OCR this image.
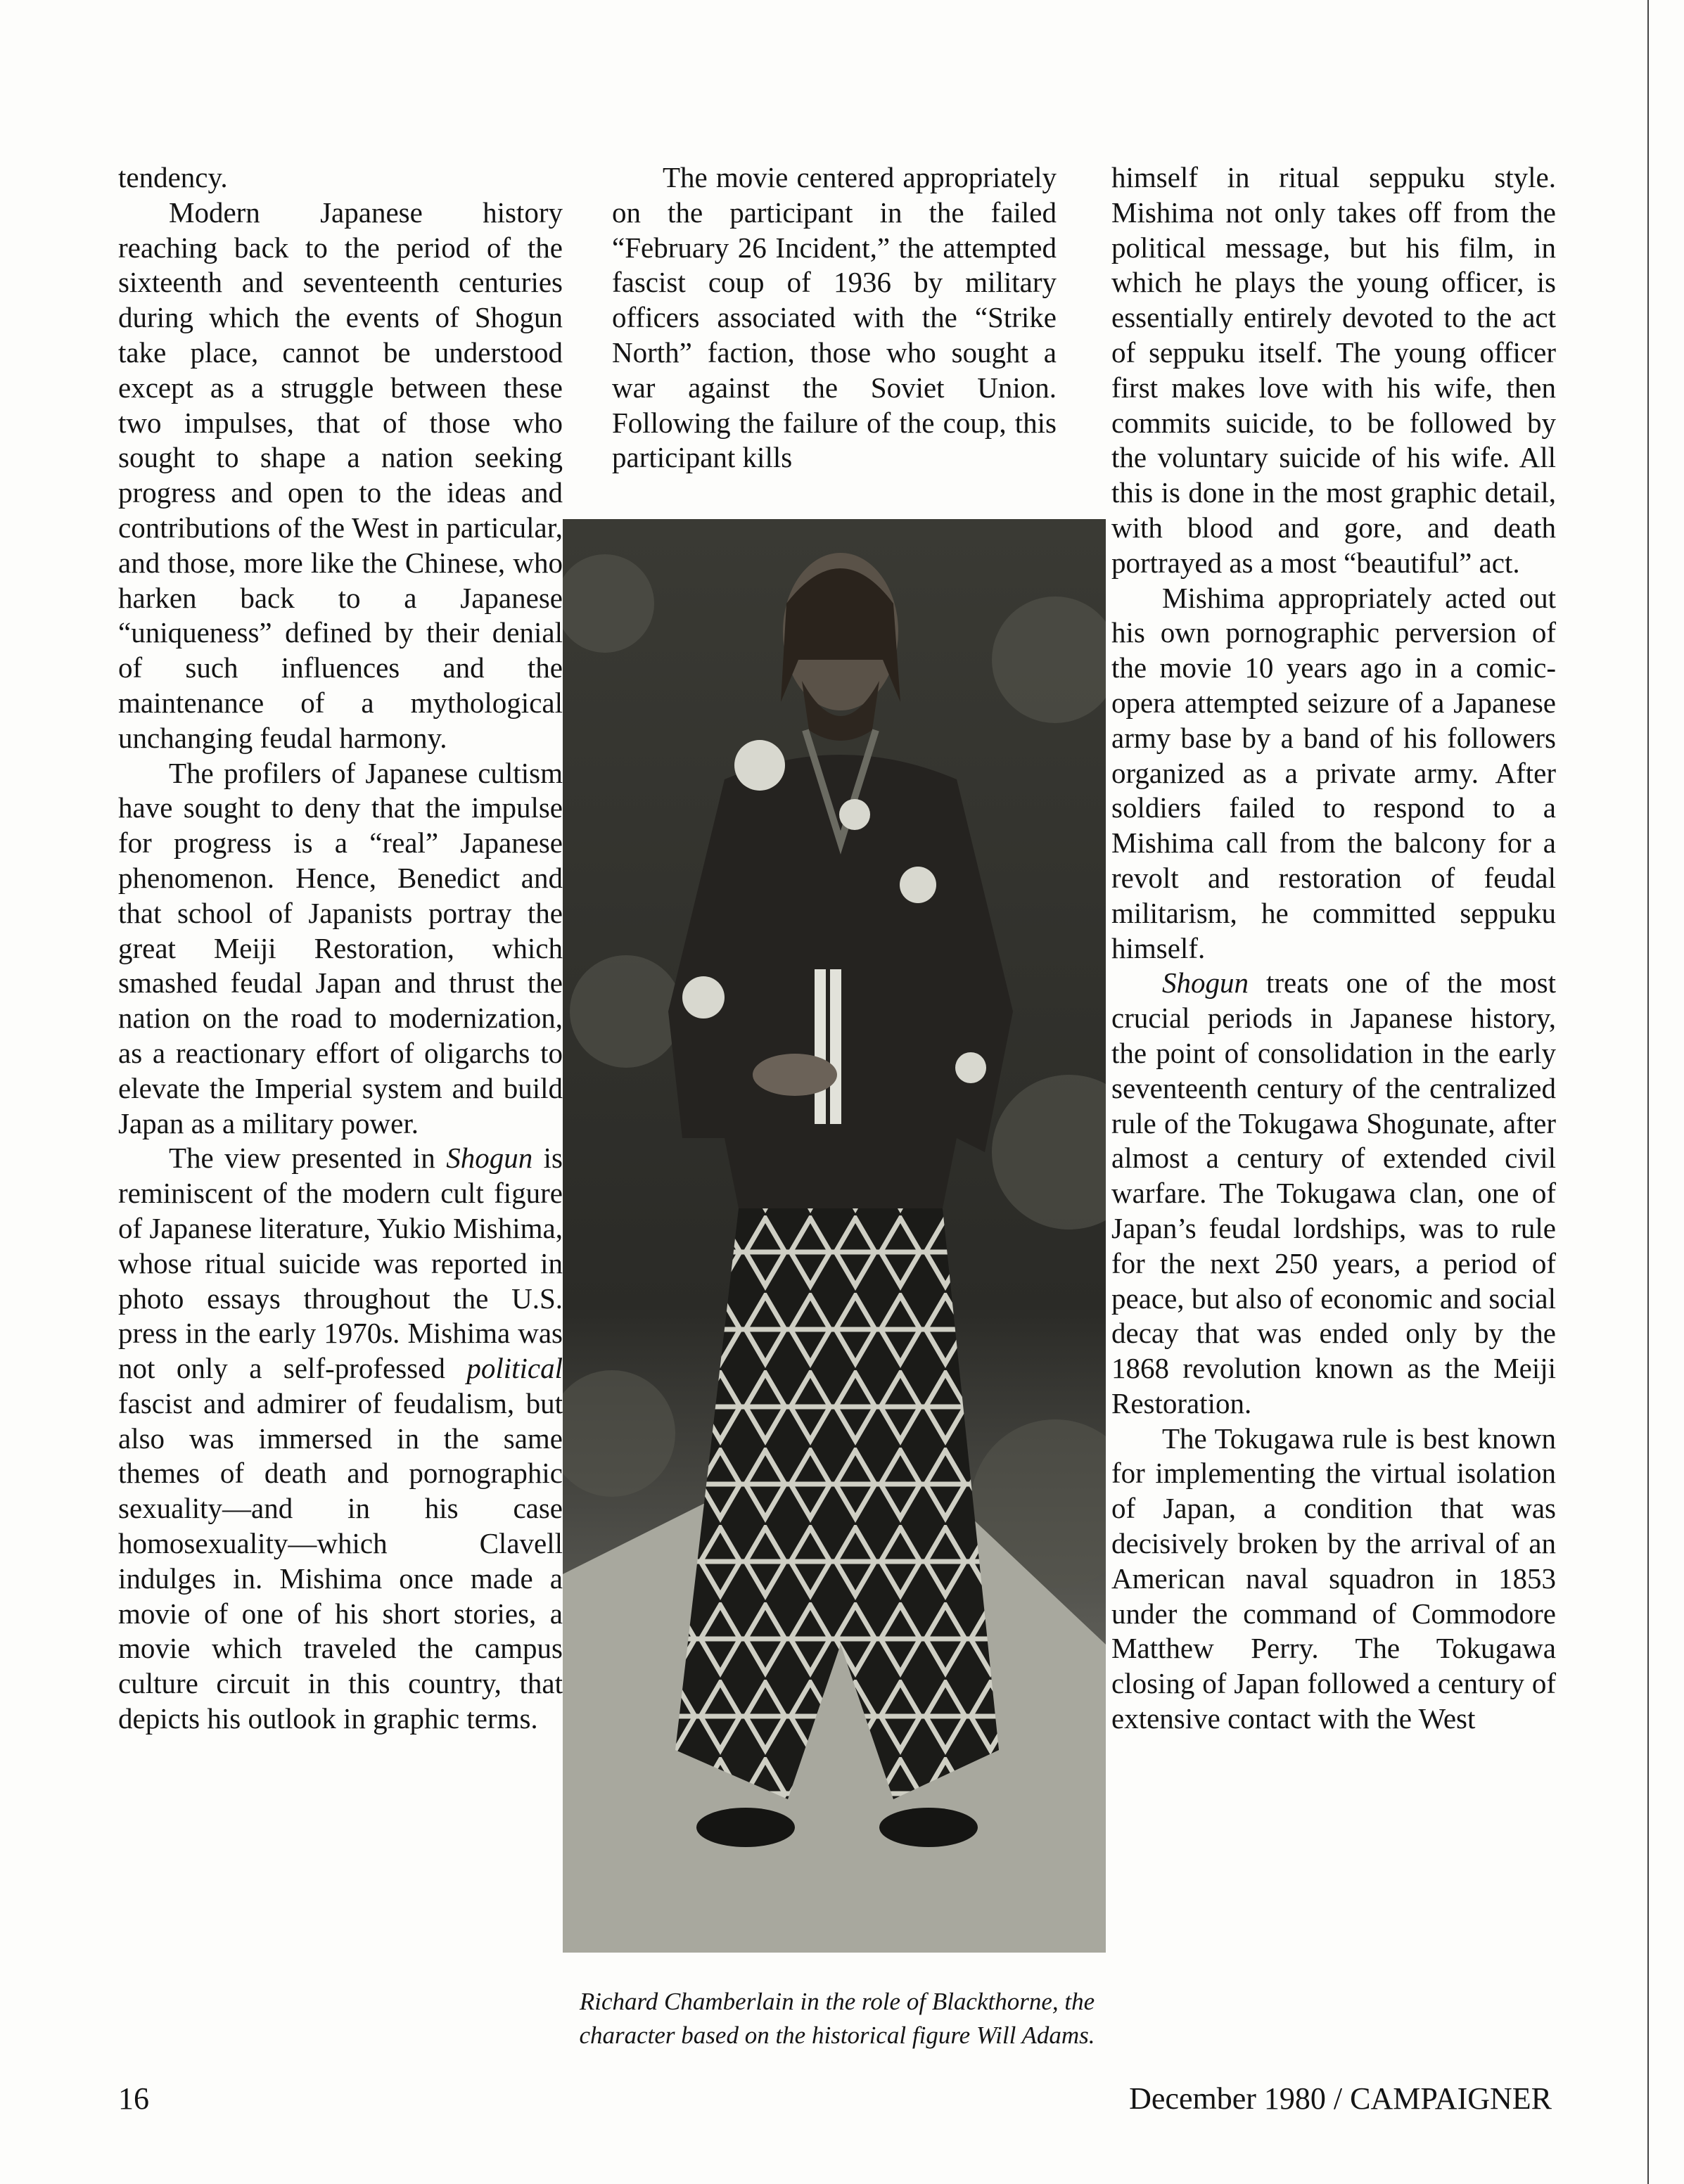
tendency.

Modern Japanese history reaching back to the period of the sixteenth and seventeenth centuries during which the events of Shogun take place, cannot be understood except as a struggle between these two impulses, that of those who sought to shape a nation seeking progress and open to the ideas and contributions of the West in particular, and those, more like the Chinese, who harken back to a Japanese “uniqueness” defined by their denial of such influences and the maintenance of a mythological unchanging feudal harmony.

The profilers of Japanese cultism have sought to deny that the impulse for progress is a “real” Japanese phenomenon. Hence, Benedict and that school of Japanists portray the great Meiji Restoration, which smashed feudal Japan and thrust the nation on the road to modernization, as a reactionary effort of oligarchs to elevate the Imperial system and build Japan as a military power.

The view presented in Shogun is reminiscent of the modern cult figure of Japanese literature, Yukio Mishima, whose ritual suicide was reported in photo essays throughout the U.S. press in the early 1970s. Mishima was not only a self-professed political fascist and admirer of feudalism, but also was immersed in the same themes of death and pornographic sexuality—and in his case homosexuality—which Clavell indulges in. Mishima once made a movie of one of his short stories, a movie which traveled the campus culture circuit in this country, that depicts his outlook in graphic terms.

The movie centered appropriately on the participant in the failed “February 26 Incident,” the attempted fascist coup of 1936 by military officers associated with the “Strike North” faction, those who sought a war against the Soviet Union. Following the failure of the coup, this participant kills

himself in ritual seppuku style. Mishima not only takes off from the political message, but his film, in which he plays the young officer, is essentially entirely devoted to the act of seppuku itself. The young officer first makes love with his wife, then commits suicide, to be followed by the voluntary suicide of his wife. All this is done in the most graphic detail, with blood and gore, and death portrayed as a most “beautiful” act.

Mishima appropriately acted out his own pornographic perversion of the movie 10 years ago in a comic-opera attempted seizure of a Japanese army base by a band of his followers organized as a private army. After soldiers failed to respond to a Mishima call from the balcony for a revolt and restoration of feudal militarism, he committed seppuku himself.

Shogun treats one of the most crucial periods in Japanese history, the point of consolidation in the early seventeenth century of the centralized rule of the Tokugawa Shogunate, after almost a century of extended civil warfare. The Tokugawa clan, one of Japan’s feudal lordships, was to rule for the next 250 years, a period of peace, but also of economic and social decay that was ended only by the 1868 revolution known as the Meiji Restoration.

The Tokugawa rule is best known for implementing the virtual isolation of Japan, a condition that was decisively broken by the arrival of an American naval squadron in 1853 under the command of Commodore Matthew Perry. The Tokugawa closing of Japan followed a century of extensive contact with the West

Richard Chamberlain in the role of Blackthorne, the
character based on the historical figure Will Adams.
16	December 1980 / CAMPAIGNER
